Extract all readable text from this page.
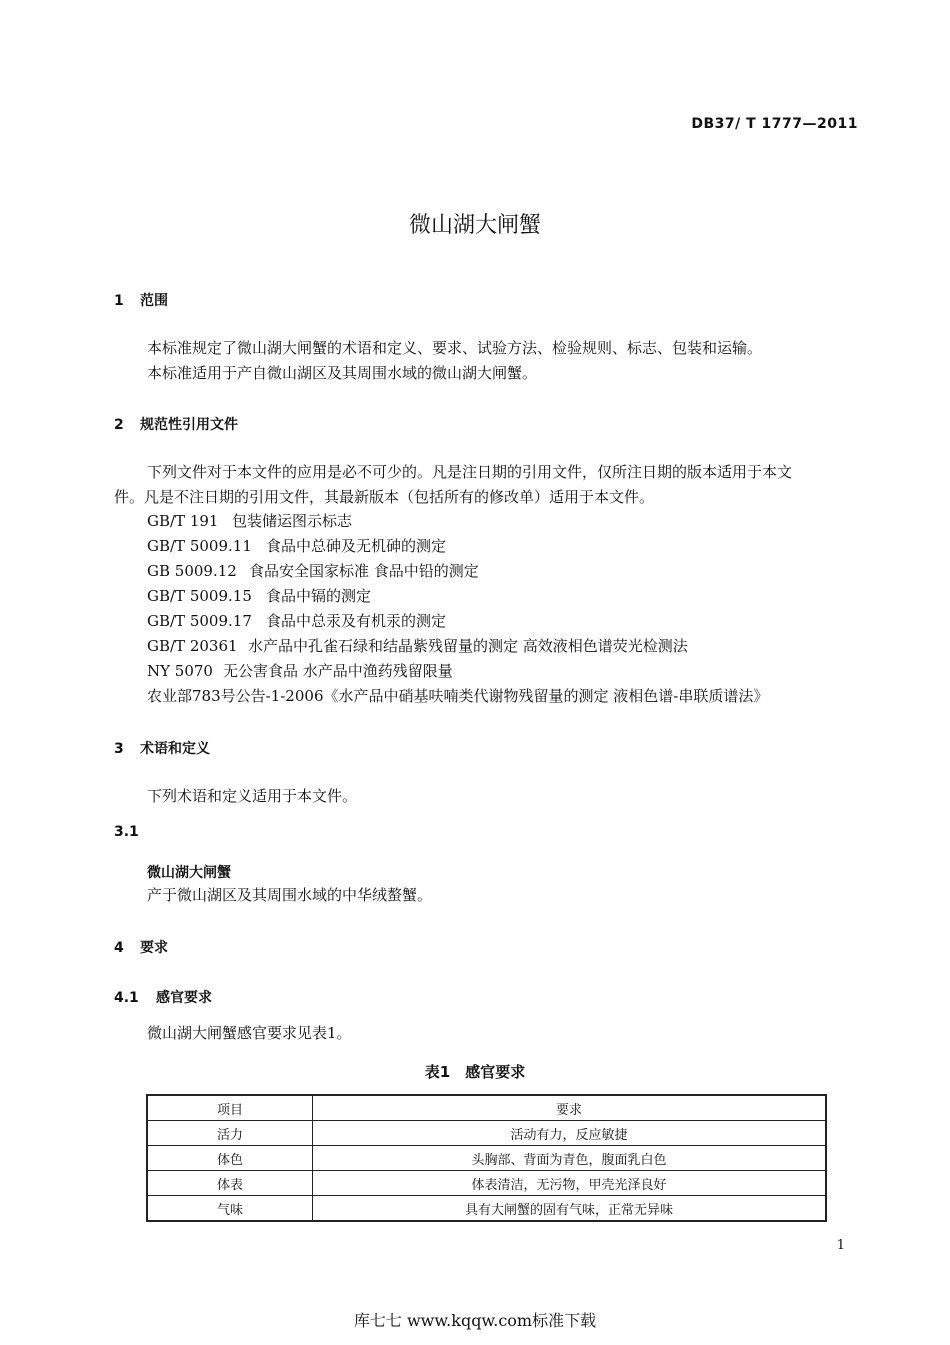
DB37/ T 1777—2011
微山湖大闸蟹
1 范围
本标准规定了微山湖大闸蟹的术语和定义、要求、试验方法、检验规则、标志、包装和运输。
本标准适用于产自微山湖区及其周围水域的微山湖大闸蟹。
2 规范性引用文件
下列文件对于本文件的应用是必不可少的。凡是注日期的引用文件，仅所注日期的版本适用于本文
件。凡是不注日期的引用文件，其最新版本（包括所有的修改单）适用于本文件。
GB/T 191 包装储运图示标志
GB/T 5009.11 食品中总砷及无机砷的测定
GB 5009.12 食品安全国家标准 食品中铅的测定
GB/T 5009.15 食品中镉的测定
GB/T 5009.17 食品中总汞及有机汞的测定
GB/T 20361 水产品中孔雀石绿和结晶紫残留量的测定 高效液相色谱荧光检测法
NY 5070 无公害食品 水产品中渔药残留限量
农业部783号公告-1-2006《水产品中硝基呋喃类代谢物残留量的测定 液相色谱-串联质谱法》
3 术语和定义
下列术语和定义适用于本文件。
3.1
微山湖大闸蟹
产于微山湖区及其周围水域的中华绒螯蟹。
4 要求
4.1 感官要求
微山湖大闸蟹感官要求见表1。
表1　感官要求
项目	要求
活力	活动有力，反应敏捷
体色	头胸部、背面为青色，腹面乳白色
体表	体表清洁，无污物，甲壳光泽良好
气味	具有大闸蟹的固有气味，正常无异味
1
库七七 www.kqqw.com标准下载
